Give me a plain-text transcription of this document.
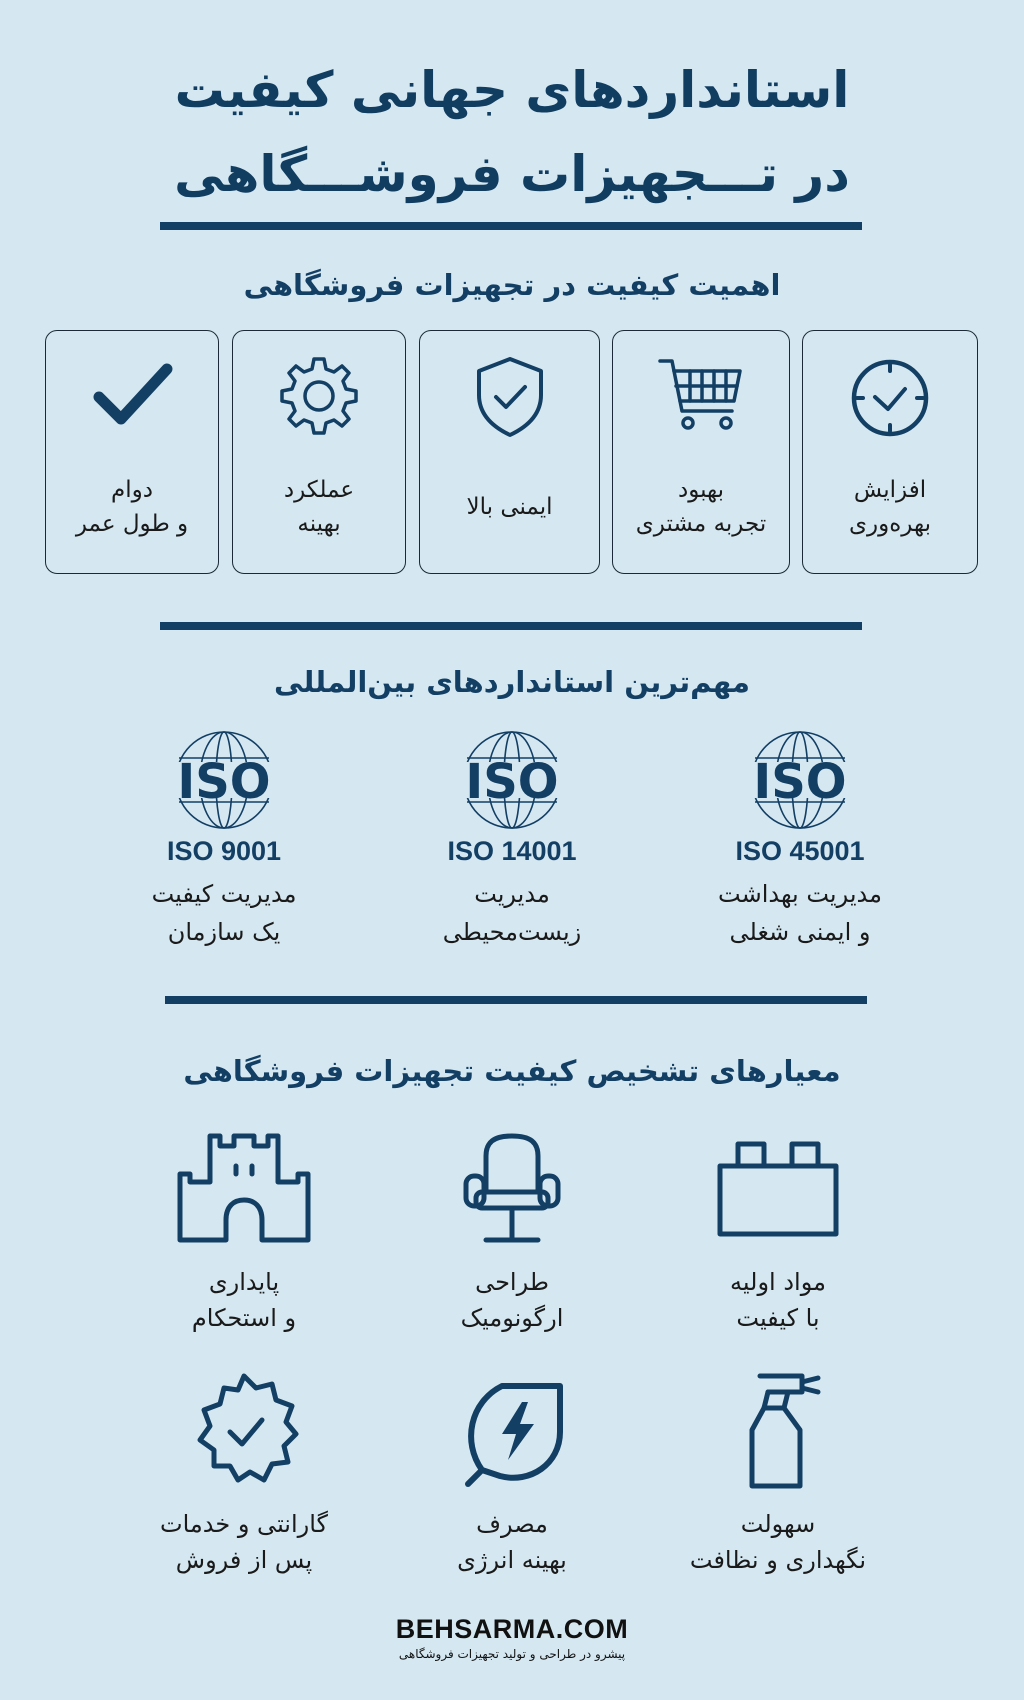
استانداردهای جهانی کیفیت
در تـــجهیزات فروشـــگاهی
اهمیت کیفیت در تجهیزات فروشگاهی
دوام
و طول عمر
عملکرد
بهینه
ایمنی بالا
بهبود
تجربه مشتری
افزایش
بهره‌وری
مهم‌ترین استانداردهای بین‌المللی
ISO
ISO 45001
مدیریت بهداشت
و ایمنی شغلی
ISO
ISO 14001
مدیریت
زیست‌محیطی
ISO
ISO 9001
مدیریت کیفیت
یک سازمان
معیارهای تشخیص کیفیت تجهیزات فروشگاهی
مواد اولیه
با کیفیت
طراحی
ارگونومیک
پایداری
و استحکام
سهولت
نگهداری و نظافت
مصرف
بهینه انرژی
گارانتی و خدمات
پس از فروش
BEHSARMA.COM
پیشرو در طراحی و تولید تجهیزات فروشگاهی
